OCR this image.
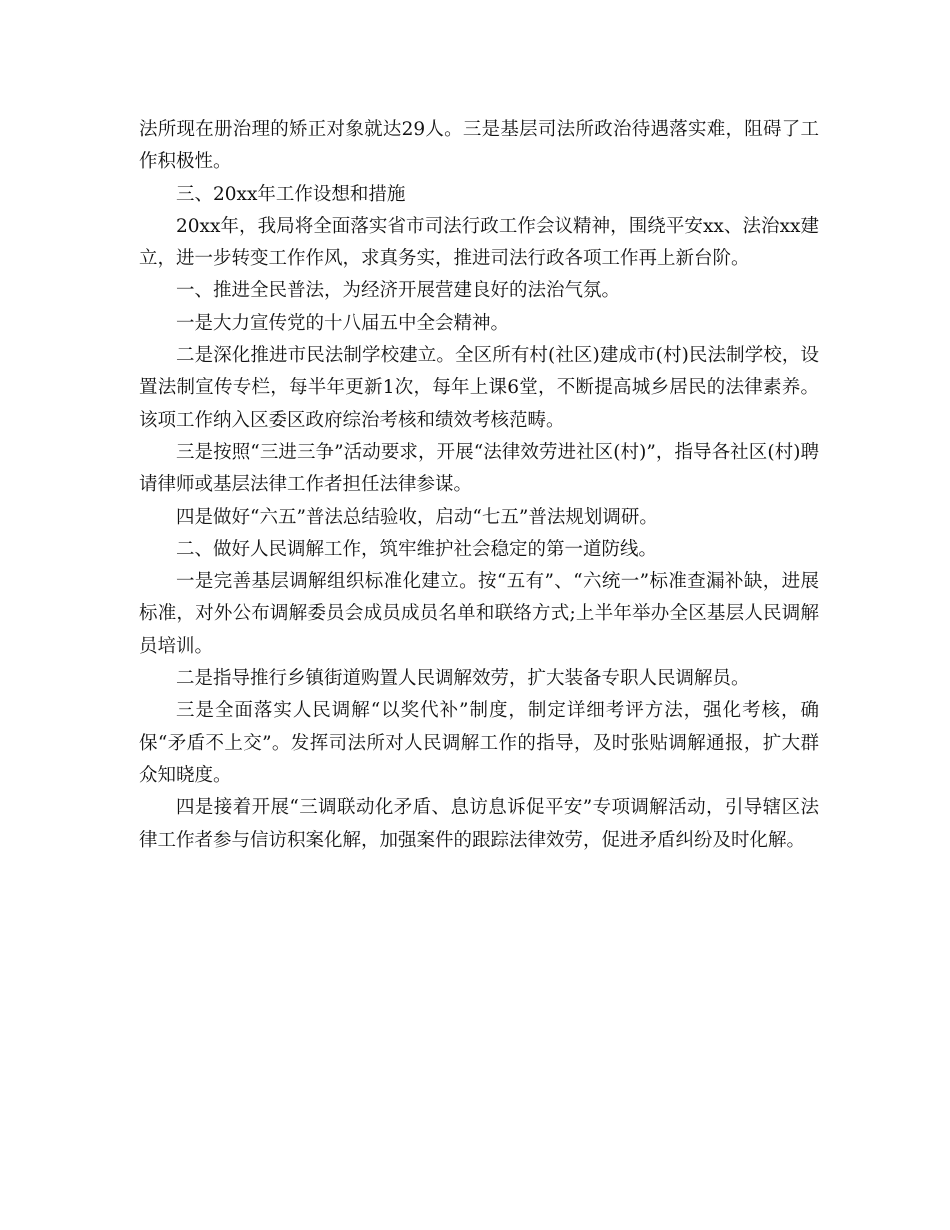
法所现在册治理的矫正对象就达29人。三是基层司法所政治待遇落实难，阻碍了工作积极性。

三、20xx年工作设想和措施

20xx年，我局将全面落实省市司法行政工作会议精神，围绕平安xx、法治xx建立，进一步转变工作作风，求真务实，推进司法行政各项工作再上新台阶。

一、推进全民普法，为经济开展营建良好的法治气氛。

一是大力宣传党的十八届五中全会精神。

二是深化推进市民法制学校建立。全区所有村(社区)建成市(村)民法制学校，设置法制宣传专栏，每半年更新1次，每年上课6堂，不断提高城乡居民的法律素养。该项工作纳入区委区政府综治考核和绩效考核范畴。

三是按照“三进三争”活动要求，开展“法律效劳进社区(村)”，指导各社区(村)聘请律师或基层法律工作者担任法律参谋。

四是做好“六五”普法总结验收，启动“七五”普法规划调研。

二、做好人民调解工作，筑牢维护社会稳定的第一道防线。

一是完善基层调解组织标准化建立。按“五有”、“六统一”标准查漏补缺，进展标准，对外公布调解委员会成员成员名单和联络方式;上半年举办全区基层人民调解员培训。

二是指导推行乡镇街道购置人民调解效劳，扩大装备专职人民调解员。

三是全面落实人民调解“以奖代补”制度，制定详细考评方法，强化考核，确保“矛盾不上交”。发挥司法所对人民调解工作的指导，及时张贴调解通报，扩大群众知晓度。

四是接着开展“三调联动化矛盾、息访息诉促平安”专项调解活动，引导辖区法律工作者参与信访积案化解，加强案件的跟踪法律效劳，促进矛盾纠纷及时化解。
